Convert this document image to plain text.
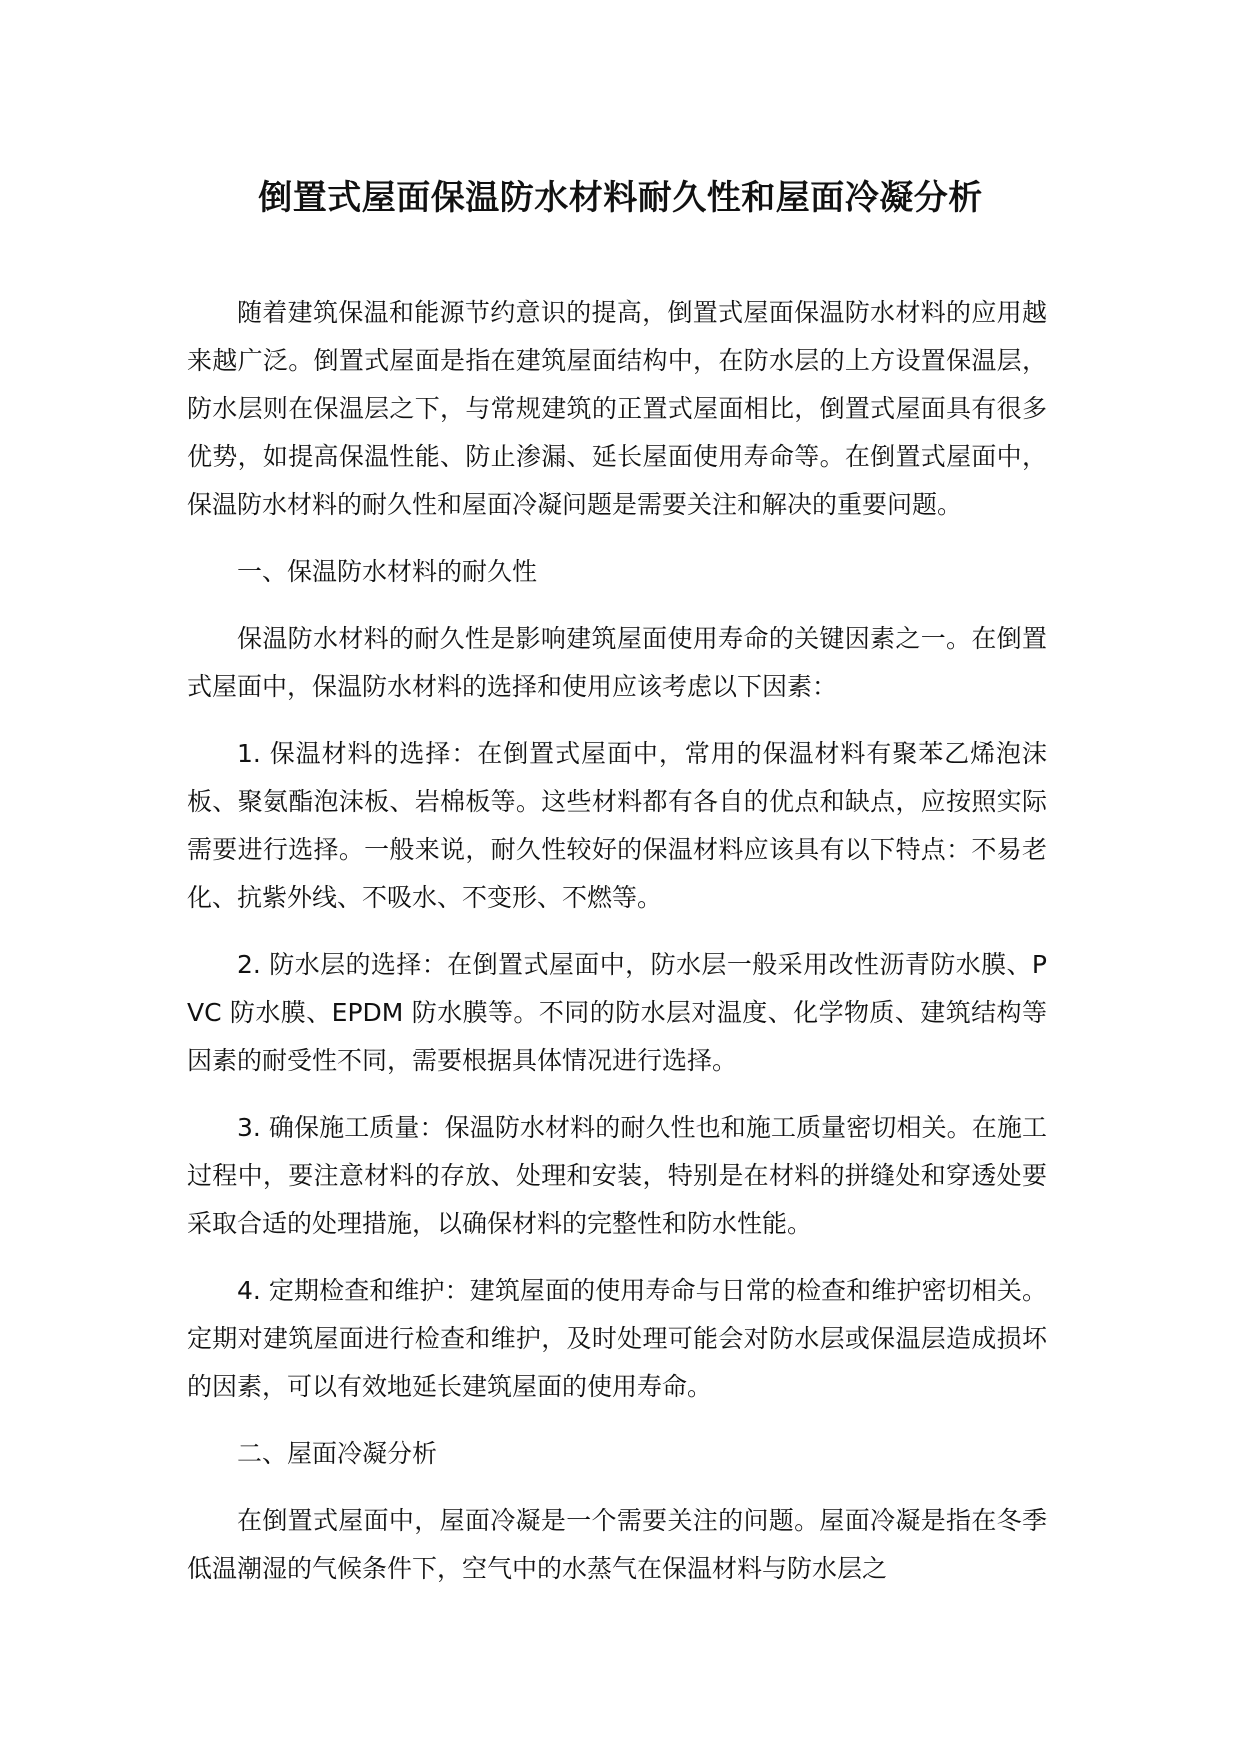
倒置式屋面保温防水材料耐久性和屋面冷凝分析

随着建筑保温和能源节约意识的提高，倒置式屋面保温防水材料的应用越来越广泛。倒置式屋面是指在建筑屋面结构中，在防水层的上方设置保温层，防水层则在保温层之下，与常规建筑的正置式屋面相比，倒置式屋面具有很多优势，如提高保温性能、防止渗漏、延长屋面使用寿命等。在倒置式屋面中，保温防水材料的耐久性和屋面冷凝问题是需要关注和解决的重要问题。

一、保温防水材料的耐久性

保温防水材料的耐久性是影响建筑屋面使用寿命的关键因素之一。在倒置式屋面中，保温防水材料的选择和使用应该考虑以下因素：

1. 保温材料的选择：在倒置式屋面中，常用的保温材料有聚苯乙烯泡沫板、聚氨酯泡沫板、岩棉板等。这些材料都有各自的优点和缺点，应按照实际需要进行选择。一般来说，耐久性较好的保温材料应该具有以下特点：不易老化、抗紫外线、不吸水、不变形、不燃等。

2. 防水层的选择：在倒置式屋面中，防水层一般采用改性沥青防水膜、PVC 防水膜、EPDM 防水膜等。不同的防水层对温度、化学物质、建筑结构等因素的耐受性不同，需要根据具体情况进行选择。

3. 确保施工质量：保温防水材料的耐久性也和施工质量密切相关。在施工过程中，要注意材料的存放、处理和安装，特别是在材料的拼缝处和穿透处要采取合适的处理措施，以确保材料的完整性和防水性能。

4. 定期检查和维护：建筑屋面的使用寿命与日常的检查和维护密切相关。定期对建筑屋面进行检查和维护，及时处理可能会对防水层或保温层造成损坏的因素，可以有效地延长建筑屋面的使用寿命。

二、屋面冷凝分析

在倒置式屋面中，屋面冷凝是一个需要关注的问题。屋面冷凝是指在冬季低温潮湿的气候条件下，空气中的水蒸气在保温材料与防水层之
